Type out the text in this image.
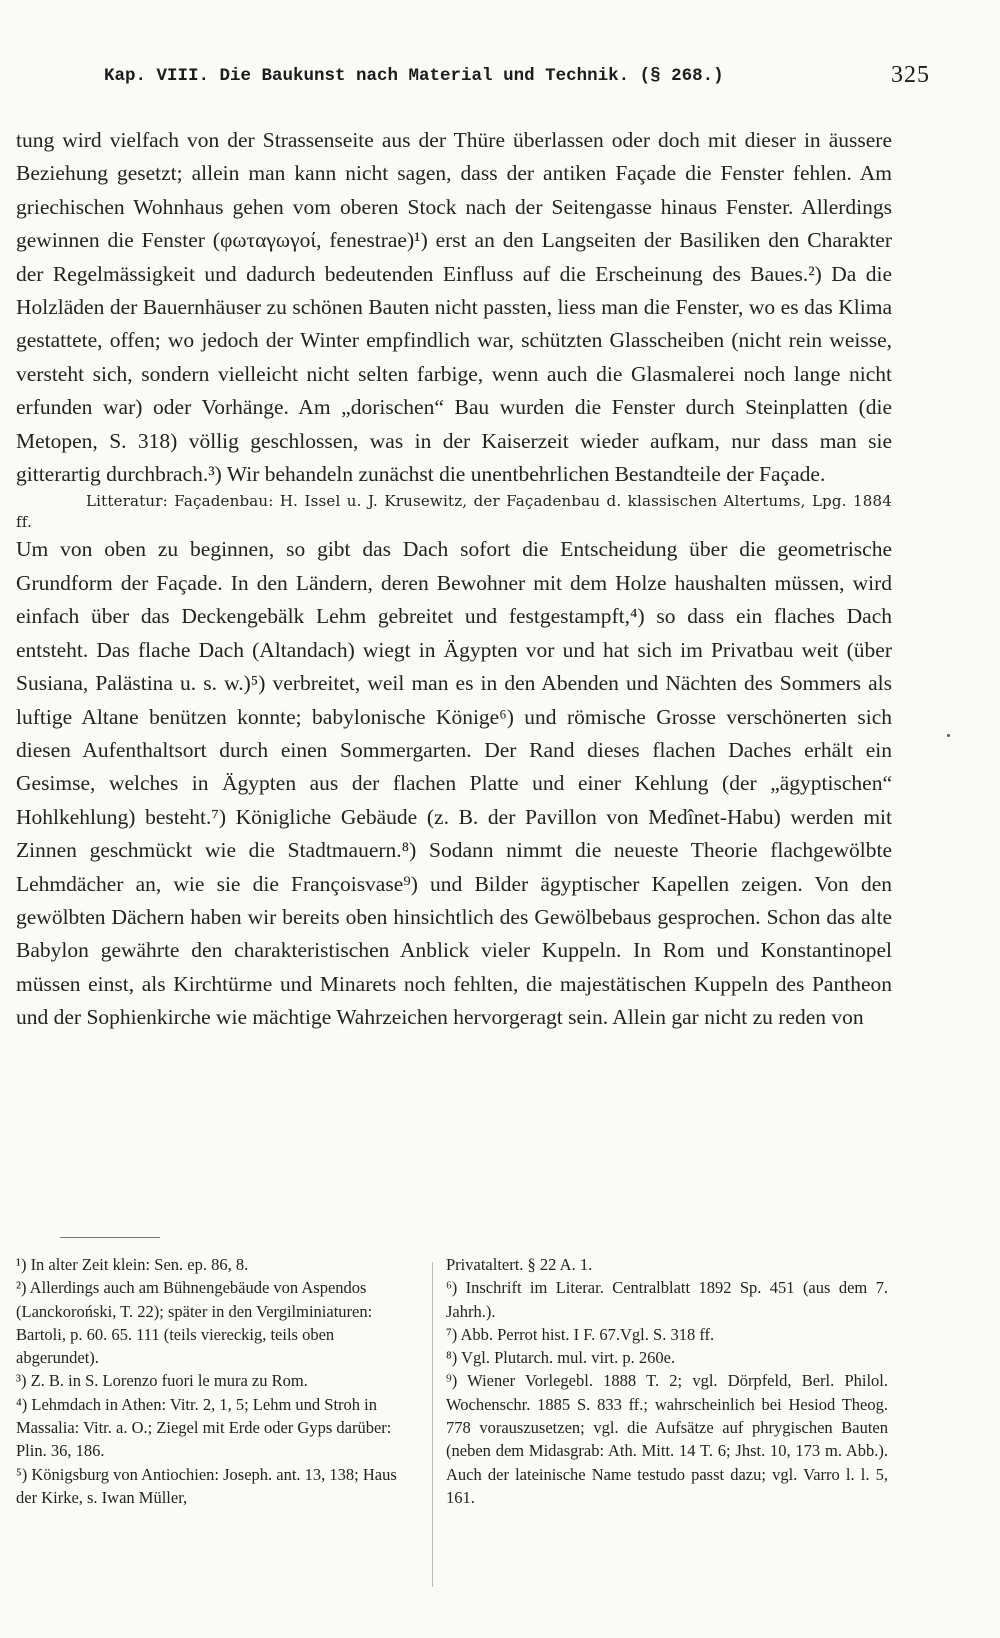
Kap. VIII. Die Baukunst nach Material und Technik. (§ 268.)	325

tung wird vielfach von der Strassenseite aus der Thüre überlassen oder doch mit dieser in äussere Beziehung gesetzt; allein man kann nicht sagen, dass der antiken Façade die Fenster fehlen. Am griechischen Wohnhaus gehen vom oberen Stock nach der Seitengasse hinaus Fenster. Allerdings gewinnen die Fenster (φωταγωγοί, fenestrae)¹) erst an den Langseiten der Basiliken den Charakter der Regelmässigkeit und dadurch bedeutenden Einfluss auf die Erscheinung des Baues.²) Da die Holzläden der Bauernhäuser zu schönen Bauten nicht passten, liess man die Fenster, wo es das Klima gestattete, offen; wo jedoch der Winter empfindlich war, schützten Glasscheiben (nicht rein weisse, versteht sich, sondern vielleicht nicht selten farbige, wenn auch die Glasmalerei noch lange nicht erfunden war) oder Vorhänge. Am „dorischen“ Bau wurden die Fenster durch Steinplatten (die Metopen, S. 318) völlig geschlossen, was in der Kaiserzeit wieder aufkam, nur dass man sie gitterartig durchbrach.³) Wir behandeln zunächst die unentbehrlichen Bestandteile der Façade.

Litteratur: Façadenbau: H. Issel u. J. Krusewitz, der Façadenbau d. klassischen Altertums, Lpg. 1884 ff.

Um von oben zu beginnen, so gibt das Dach sofort die Entscheidung über die geometrische Grundform der Façade. In den Ländern, deren Bewohner mit dem Holze haushalten müssen, wird einfach über das Deckengebälk Lehm gebreitet und festgestampft,⁴) so dass ein flaches Dach entsteht. Das flache Dach (Altandach) wiegt in Ägypten vor und hat sich im Privatbau weit (über Susiana, Palästina u. s. w.)⁵) verbreitet, weil man es in den Abenden und Nächten des Sommers als luftige Altane benützen konnte; babylonische Könige⁶) und römische Grosse verschönerten sich diesen Aufenthaltsort durch einen Sommergarten. Der Rand dieses flachen Daches erhält ein Gesimse, welches in Ägypten aus der flachen Platte und einer Kehlung (der „ägyptischen“ Hohlkehlung) besteht.⁷) Königliche Gebäude (z. B. der Pavillon von Medînet-Habu) werden mit Zinnen geschmückt wie die Stadtmauern.⁸) Sodann nimmt die neueste Theorie flachgewölbte Lehmdächer an, wie sie die Françoisvase⁹) und Bilder ägyptischer Kapellen zeigen. Von den gewölbten Dächern haben wir bereits oben hinsichtlich des Gewölbebaus gesprochen. Schon das alte Babylon gewährte den charakteristischen Anblick vieler Kuppeln. In Rom und Konstantinopel müssen einst, als Kirchtürme und Minarets noch fehlten, die majestätischen Kuppeln des Pantheon und der Sophienkirche wie mächtige Wahrzeichen hervorgeragt sein. Allein gar nicht zu reden von

¹) In alter Zeit klein: Sen. ep. 86, 8.

²) Allerdings auch am Bühnengebäude von Aspendos (Lanckoroński, T. 22); später in den Vergilminiaturen: Bartoli, p. 60. 65. 111 (teils viereckig, teils oben abgerundet).

³) Z. B. in S. Lorenzo fuori le mura zu Rom.

⁴) Lehmdach in Athen: Vitr. 2, 1, 5; Lehm und Stroh in Massalia: Vitr. a. O.; Ziegel mit Erde oder Gyps darüber: Plin. 36, 186.

⁵) Königsburg von Antiochien: Joseph. ant. 13, 138; Haus der Kirke, s. Iwan Müller,

Privataltert. § 22 A. 1.

⁶) Inschrift im Literar. Centralblatt 1892 Sp. 451 (aus dem 7. Jahrh.).

⁷) Abb. Perrot hist. I F. 67.Vgl. S. 318 ff.

⁸) Vgl. Plutarch. mul. virt. p. 260e.

⁹) Wiener Vorlegebl. 1888 T. 2; vgl. Dörpfeld, Berl. Philol. Wochenschr. 1885 S. 833 ff.; wahrscheinlich bei Hesiod Theog. 778 vorauszusetzen; vgl. die Aufsätze auf phrygischen Bauten (neben dem Midasgrab: Ath. Mitt. 14 T. 6; Jhst. 10, 173 m. Abb.). Auch der lateinische Name testudo passt dazu; vgl. Varro l. l. 5, 161.
